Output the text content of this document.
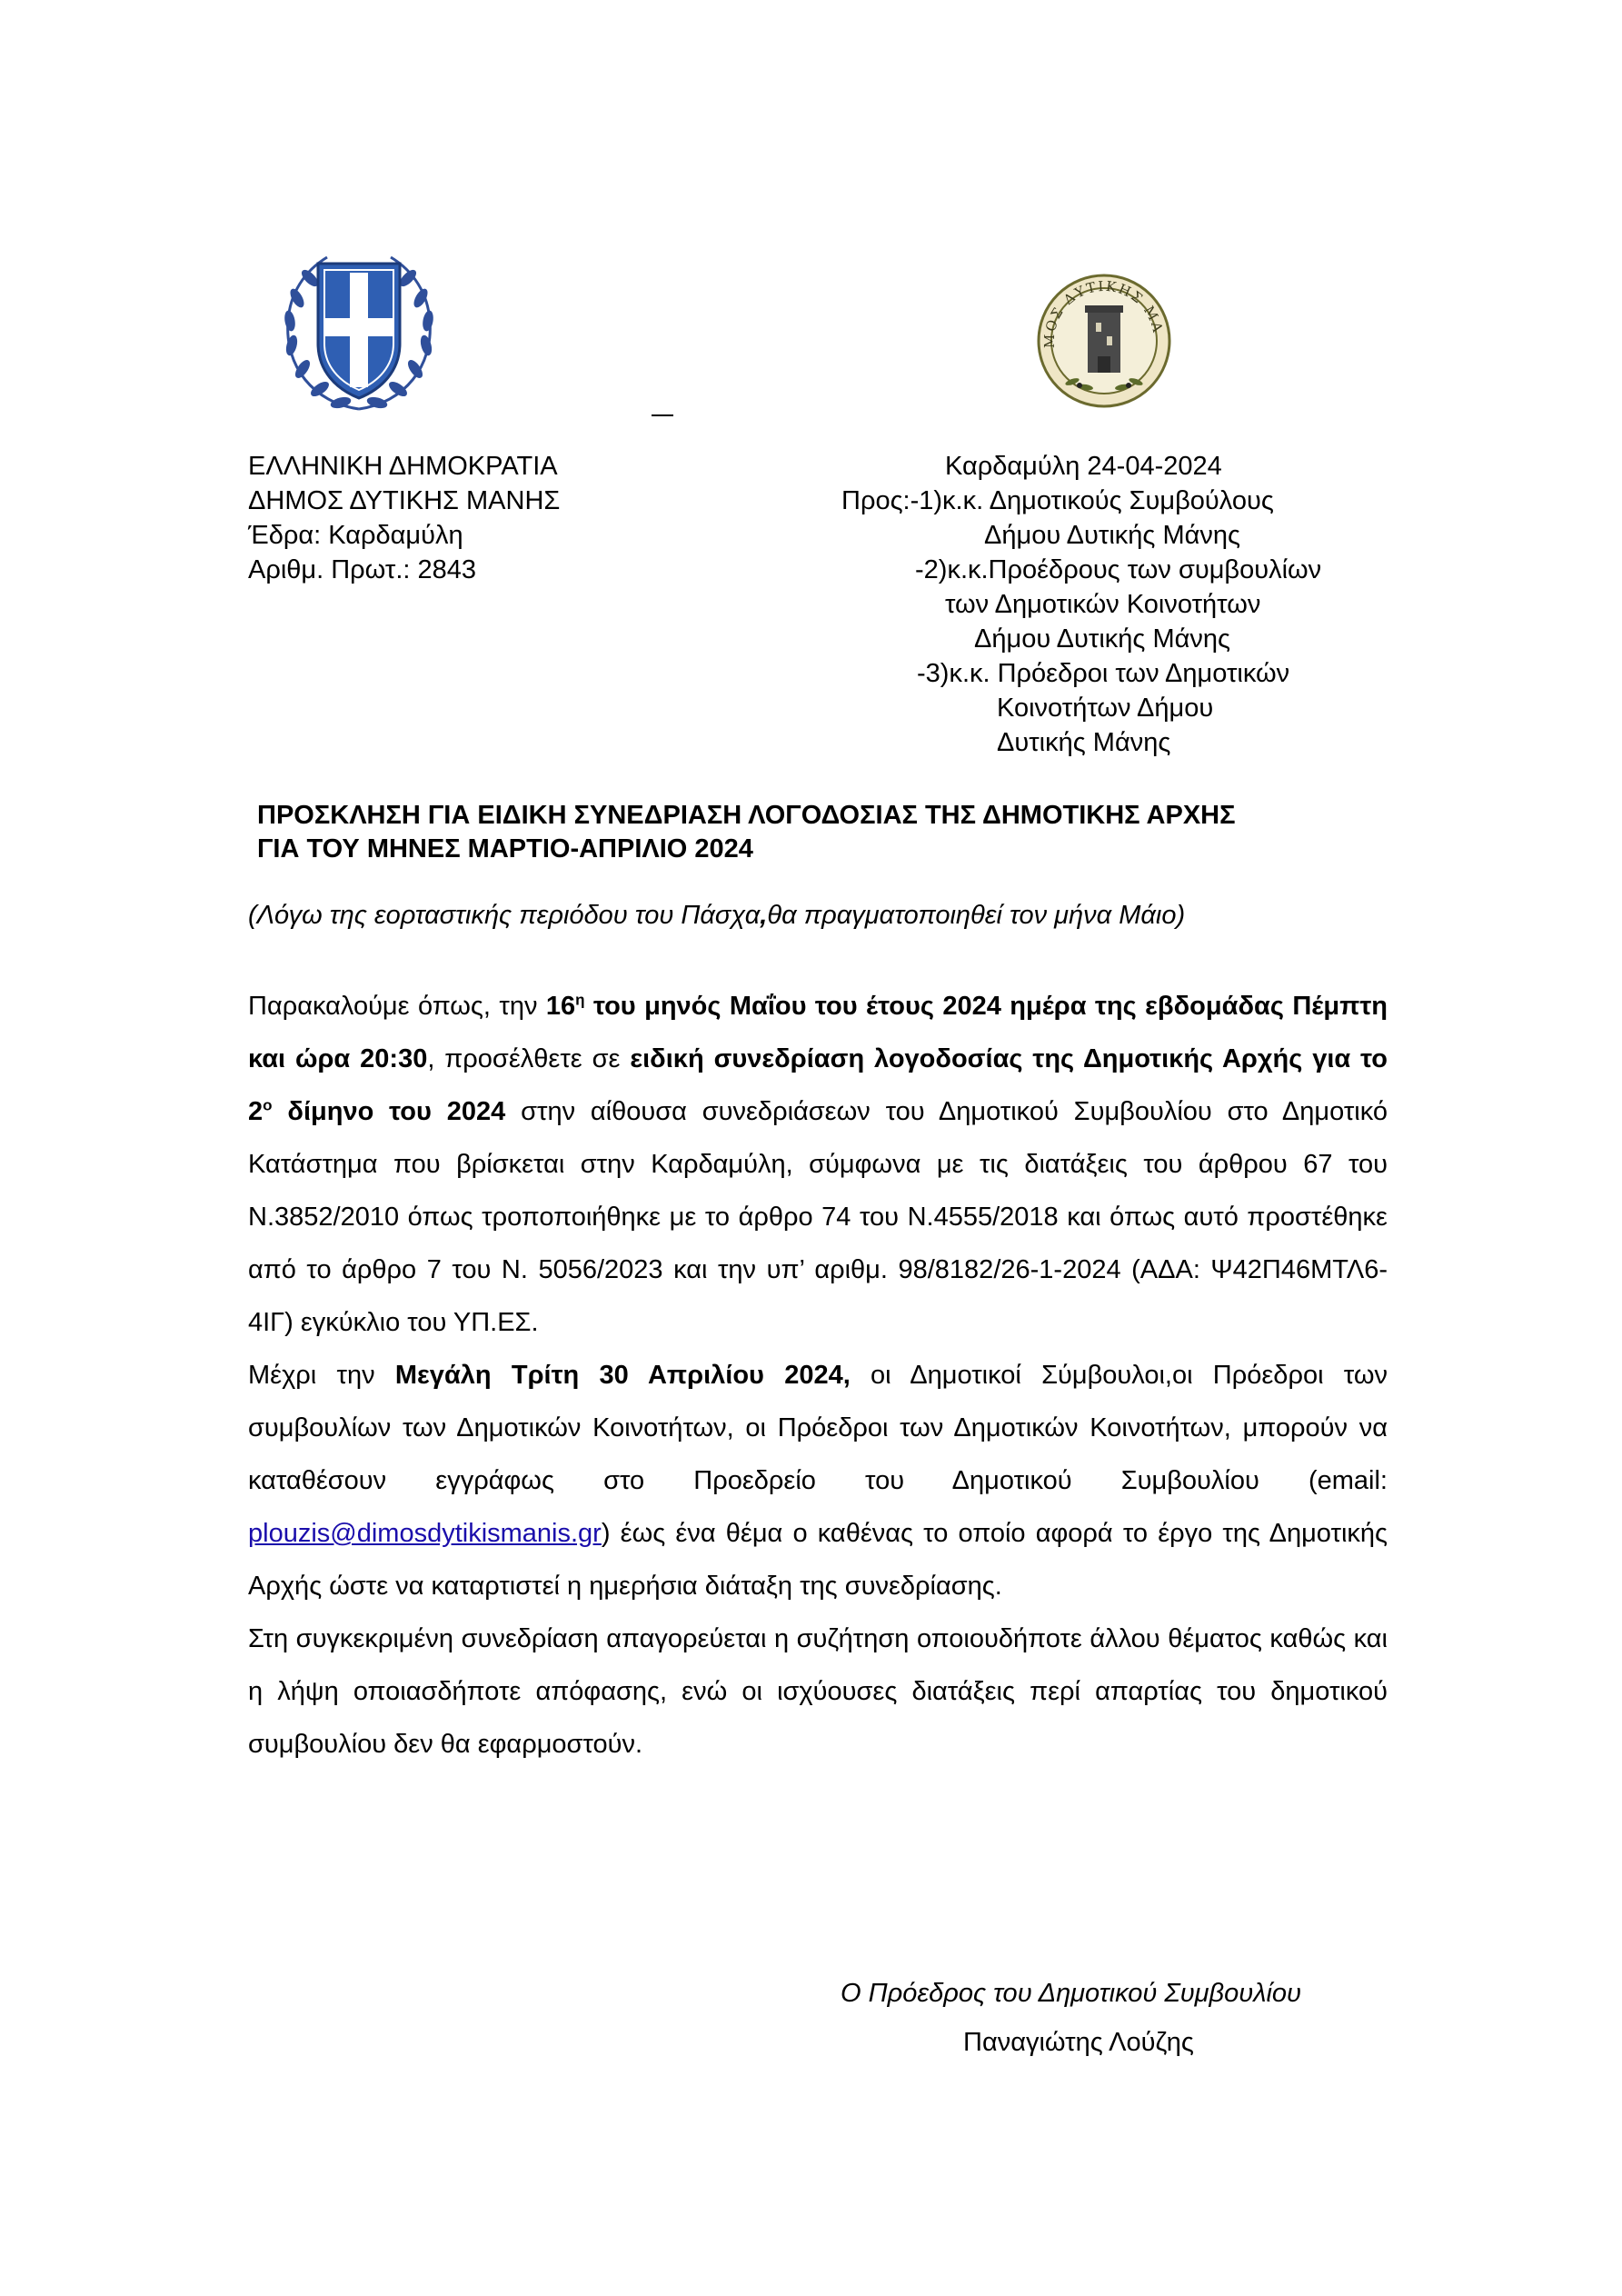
ΜΟΣ ΔΥΤΙΚΗΣ ΜΑ
ΕΛΛΗΝΙΚΗ ΔΗΜΟΚΡΑΤΙΑ
ΔΗΜΟΣ ΔΥΤΙΚΗΣ ΜΑΝΗΣ
Έδρα: Καρδαμύλη
Αριθμ. Πρωτ.: 2843
Καρδαμύλη 24-04-2024
Προς:-1)κ.κ. Δημοτικούς Συμβούλους
Δήμου Δυτικής Μάνης
-2)κ.κ.Προέδρους των συμβουλίων
των Δημοτικών Κοινοτήτων
Δήμου Δυτικής Μάνης
-3)κ.κ. Πρόεδροι των Δημοτικών
Κοινοτήτων Δήμου
Δυτικής Μάνης
ΠΡΟΣΚΛΗΣΗ ΓΙΑ ΕΙΔΙΚΗ ΣΥΝΕΔΡΙΑΣΗ ΛΟΓΟΔΟΣΙΑΣ ΤΗΣ ΔΗΜΟΤΙΚΗΣ ΑΡΧΗΣ
ΓΙΑ ΤΟΥ ΜΗΝΕΣ ΜΑΡΤΙΟ-ΑΠΡΙΛΙΟ 2024
(Λόγω της εορταστικής περιόδου του Πάσχα,θα πραγματοποιηθεί τον μήνα Μάιο)

Παρακαλούμε όπως, την $16^\eta$ του μηνός Μαΐου του έτους 2024 ημέρα της εβδομάδας Πέμπτη και ώρα 20:30, προσέλθετε σε ειδική συνεδρίαση λογοδοσίας της Δημοτικής Αρχής για το $2^o$ δίμηνο του 2024 στην αίθουσα συνεδριάσεων του Δημοτικού Συμβουλίου στο Δημοτικό Κατάστημα που βρίσκεται στην Καρδαμύλη, σύμφωνα με τις διατάξεις του άρθρου 67 του Ν.3852/2010 όπως τροποποιήθηκε με το άρθρο 74 του Ν.4555/2018 και όπως αυτό προστέθηκε από το άρθρο 7 του Ν. 5056/2023 και την υπ’ αριθμ. 98/8182/26-1-2024 (ΑΔΑ: Ψ42Π46ΜΤΛ6-4ΙΓ) εγκύκλιο του ΥΠ.ΕΣ.

Μέχρι την Μεγάλη Τρίτη 30 Απριλίου 2024, οι Δημοτικοί Σύμβουλοι,οι Πρόεδροι των συμβουλίων των Δημοτικών Κοινοτήτων, οι Πρόεδροι των Δημοτικών Κοινοτήτων, μπορούν να καταθέσουν εγγράφως στο Προεδρείο του Δημοτικού Συμβουλίου (email: plouzis@dimosdytikismanis.gr) έως ένα θέμα ο καθένας το οποίο αφορά το έργο της Δημοτικής Αρχής ώστε να καταρτιστεί η ημερήσια διάταξη της συνεδρίασης.

Στη συγκεκριμένη συνεδρίαση απαγορεύεται η συζήτηση οποιουδήποτε άλλου θέματος καθώς και η λήψη οποιασδήποτε απόφασης, ενώ οι ισχύουσες διατάξεις περί απαρτίας του δημοτικού συμβουλίου δεν θα εφαρμοστούν.

Ο Πρόεδρος του Δημοτικού Συμβουλίου
Παναγιώτης Λούζης
